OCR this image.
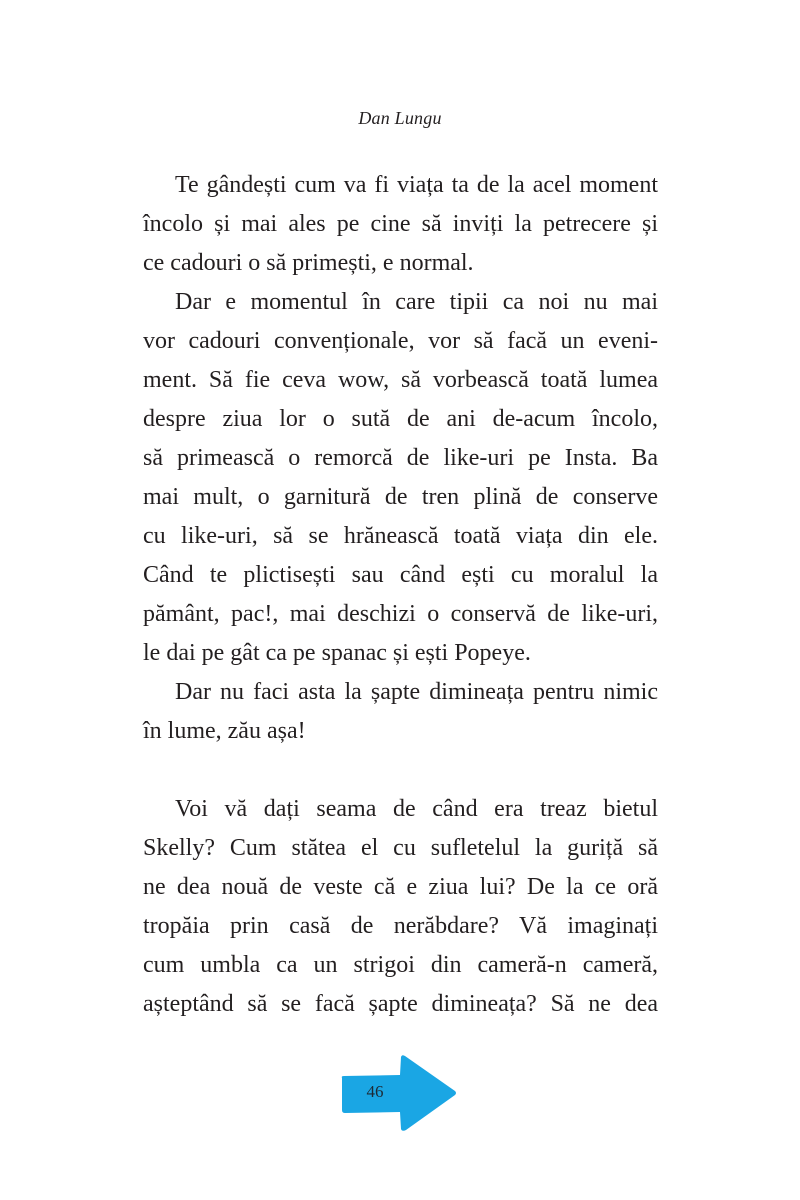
Dan Lungu
Te gândești cum va fi viața ta de la acel moment
încolo și mai ales pe cine să inviți la petrecere și
ce cadouri o să primești, e normal.
Dar e momentul în care tipii ca noi nu mai
vor cadouri convenționale, vor să facă un eveni-
ment. Să fie ceva wow, să vorbească toată lumea
despre ziua lor o sută de ani de-acum încolo,
să primească o remorcă de like-uri pe Insta. Ba
mai mult, o garnitură de tren plină de conserve
cu like-uri, să se hrănească toată viața din ele.
Când te plictisești sau când ești cu moralul la
pământ, pac!, mai deschizi o conservă de like-uri,
le dai pe gât ca pe spanac și ești Popeye.
Dar nu faci asta la șapte dimineața pentru nimic
în lume, zău așa!
Voi vă dați seama de când era treaz bietul
Skelly? Cum stătea el cu sufletelul la guriță să
ne dea nouă de veste că e ziua lui? De la ce oră
tropăia prin casă de nerăbdare? Vă imaginați
cum umbla ca un strigoi din cameră-n cameră,
așteptând să se facă șapte dimineața? Să ne dea
46
